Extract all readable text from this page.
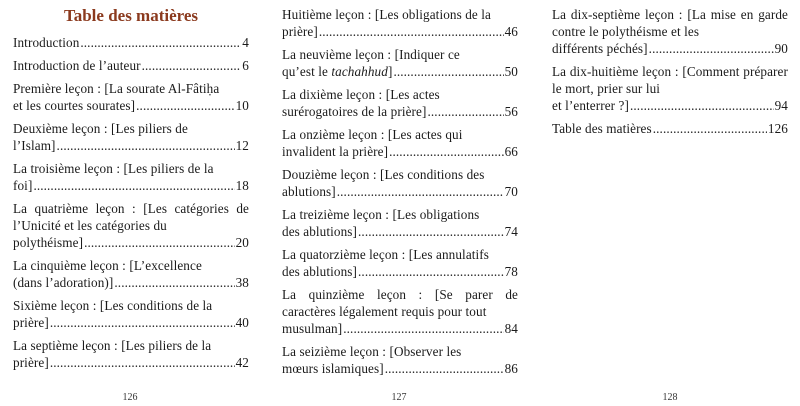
Table des matières
Introduction .....	4
Introduction de l’auteur .....	6
Première leçon : [La sourate Al-Fâtiḥa
et les courtes sourates] .....	10
Deuxième leçon : [Les piliers de
l’Islam] .....	12
La troisième leçon : [Les piliers de la
foi] .....	18
La quatrième leçon : [Les catégories de l’Unicité et les catégories du
polythéisme] .....	20
La cinquième leçon : [L’excellence
(dans l’adoration)] .....	38
Sixième leçon : [Les conditions de la
prière] .....	40
La septième leçon : [Les piliers de la
prière] .....	42
126
Huitième leçon : [Les obligations de la
prière] .....	46
La neuvième leçon : [Indiquer ce
qu’est le
tachahhud ] .....	50
La dixième leçon : [Les actes
surérogatoires de la prière] .....	56
La onzième leçon : [Les actes qui
invalident la prière] .....	66
Douzième leçon : [Les conditions des
ablutions] .....	70
La treizième leçon : [Les obligations
des ablutions] .....	74
La quatorzième leçon : [Les annulatifs
des ablutions] .....	78
La quinzième leçon : [Se parer de caractères légalement requis pour tout
musulman] .....	84
La seizième leçon : [Observer les
mœurs islamiques] .....	86
127
La dix-septième leçon : [La mise en garde contre le polythéisme et les
différents péchés] .....	90
La dix-huitième leçon : [Comment préparer le mort, prier sur lui
et l’enterrer ?] .....	94
Table des matières .....	126
128
